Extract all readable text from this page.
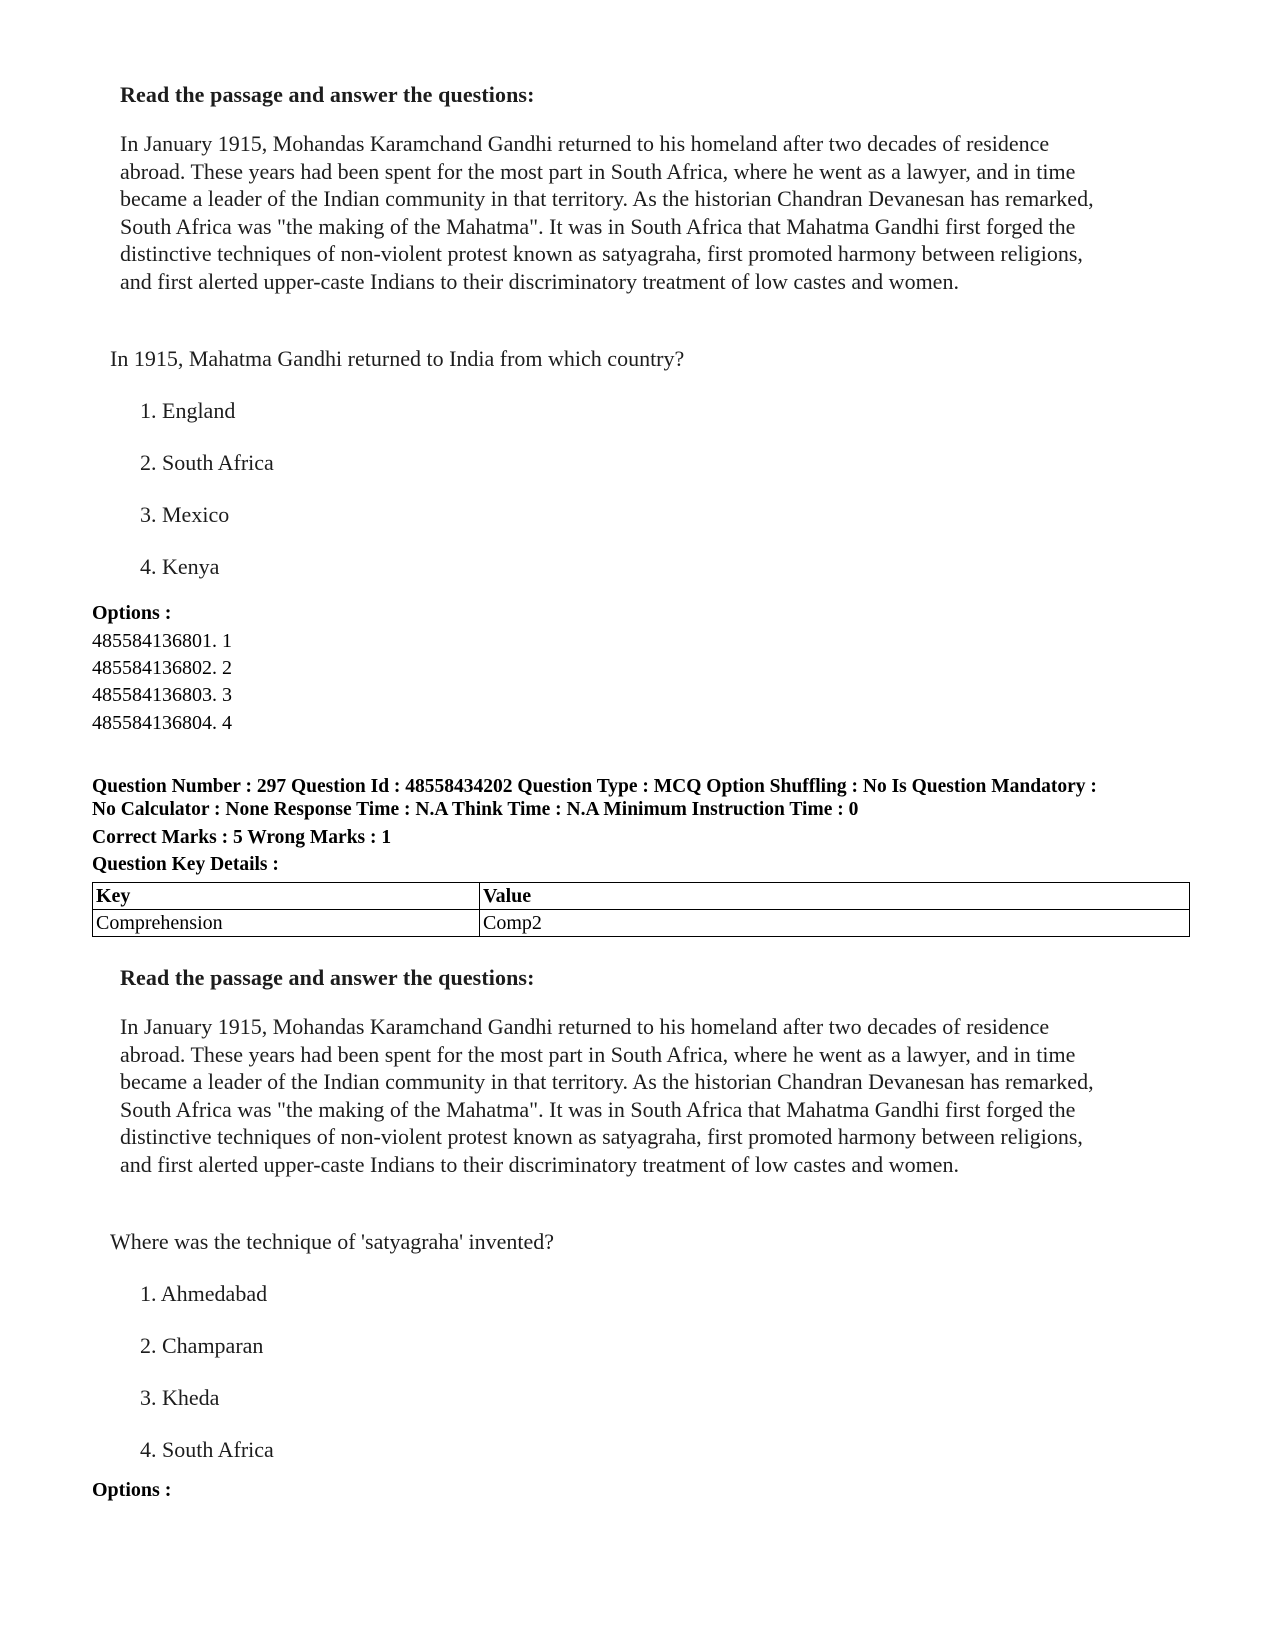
Read the passage and answer the questions:

In January 1915, Mohandas Karamchand Gandhi returned to his homeland after two decades of residence

abroad. These years had been spent for the most part in South Africa, where he went as a lawyer, and in time

became a leader of the Indian community in that territory. As the historian Chandran Devanesan has remarked,

South Africa was "the making of the Mahatma". It was in South Africa that Mahatma Gandhi first forged the

distinctive techniques of non-violent protest known as satyagraha, first promoted harmony between religions,

and first alerted upper-caste Indians to their discriminatory treatment of low castes and women.

In 1915, Mahatma Gandhi returned to India from which country?
1. England
2. South Africa
3. Mexico
4. Kenya
Options :
485584136801. 1
485584136802. 2
485584136803. 3
485584136804. 4
Question Number : 297 Question Id : 48558434202 Question Type : MCQ Option Shuffling : No Is Question Mandatory :
No Calculator : None Response Time : N.A Think Time : N.A Minimum Instruction Time : 0
Correct Marks : 5 Wrong Marks : 1
Question Key Details :
Key	Value
Comprehension	Comp2
Read the passage and answer the questions:

In January 1915, Mohandas Karamchand Gandhi returned to his homeland after two decades of residence

abroad. These years had been spent for the most part in South Africa, where he went as a lawyer, and in time

became a leader of the Indian community in that territory. As the historian Chandran Devanesan has remarked,

South Africa was "the making of the Mahatma". It was in South Africa that Mahatma Gandhi first forged the

distinctive techniques of non-violent protest known as satyagraha, first promoted harmony between religions,

and first alerted upper-caste Indians to their discriminatory treatment of low castes and women.

Where was the technique of 'satyagraha' invented?
1. Ahmedabad
2. Champaran
3. Kheda
4. South Africa
Options :
